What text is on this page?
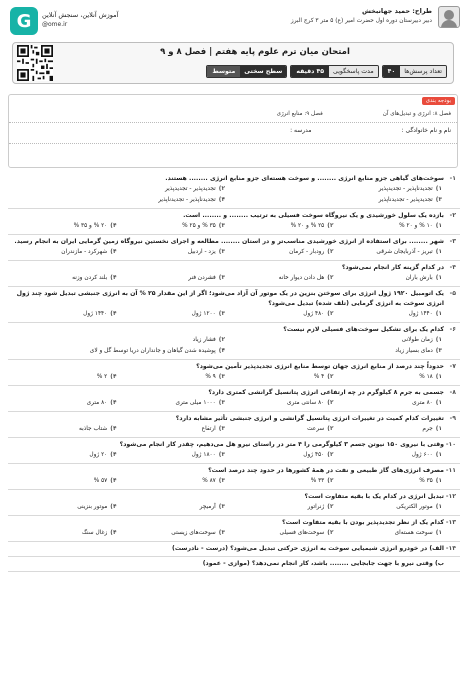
G آموزش آنلاین، سنجش آنلاین
@ome.ir
طراح: حمید جهانبخش
دبیر دبیرستان دوره اول حضرت امیر (ع) ۵ متر ۳ کرج البرز
امتحان میان ترم علوم پایه هفتم | فصل ۸ و ۹
تعداد پرسش‌ها
۴۰
مدت پاسخگویی
۴۵ دقیقه
سطح سختی
متوسط
بودجه بندی
فصل ۸: انرژی و تبدیل‌های آن
فصل ۹: منابع انرژی
نام و نام خانوادگی :
مدرسه :
۱-
سوخت‌های گیاهی جزو منابع انرژی ........ و سوخت هسته‌ای جزو منابع انرژی ........ هستند.
۱)
تجدیدناپذیر - تجدیدپذیر
۲)
تجدیدپذیر - تجدیدپذیر
۳)
تجدیدپذیر - تجدیدناپذیر
۴)
تجدیدناپذیر - تجدیدناپذیر
۲-
بازده یک سلول خورشیدی و یک نیروگاه سوخت فسیلی به ترتیب ........ و ........ است.
۱)
۱۰ % و ۲۰ %
۲)
۲۵ % و ۲۰ %
۳)
۳۵ % و ۲۵ %
۴)
۲۰ % و ۳۵ %
۳-
شهر ........ برای استفاده از انرژی خورشیدی مناسب‌تر و در استان ........ مطالعه و اجرای نخستین نیروگاه زمین گرمایی ایران به انجام رسید.
۱)
تبریز - آذربایجان شرقی
۲)
رودبار - کرمان
۳)
یزد - اردبیل
۴)
شهرکرد - مازندران
۴-
در کدام گزینه کار انجام نمی‌شود؟
۱)
بارش باران
۲)
هل دادن دیوار خانه
۳)
فشردن فنر
۴)
بلند کردن وزنه
۵-
یک اتومبیل ۱۹۲۰ ژول انرژی برای سوختن بنزین در یک موتور آن آزاد می‌شود؛ اگر از این مقدار ۲۵ % آن به انرژی جنبشی تبدیل شود چند ژول انرژی سوخت به انرژی گرمایی (تلف شده) تبدیل می‌شود؟
۱)
۱۴۴۰ ژول
۲)
۴۸۰ ژول
۳)
۱۲۰۰ ژول
۴)
۱۴۴۰ ژول
۶-
کدام یک برای تشکیل سوخت‌های فسیلی لازم نیست؟
۱)
زمان طولانی
۲)
فشار زیاد
۳)
دمای بسیار زیاد
۴)
پوشیده شدن گیاهان و جانداران دریا توسط گل و لای
۷-
حدوداً چند درصد از منابع انرژی جهان توسط منابع انرژی تجدیدپذیر تأمین می‌شود؟
۱)
۱۸ %
۲)
۴ %
۳)
۹ %
۴)
۲ %
۸-
جسمی به جرم ۸ کیلوگرم در چه ارتفاعی انرژی پتانسیل گرانشی کمتری دارد؟
۱)
۸۰ متری
۲)
۸۰ سانتی متری
۳)
۱۰۰۰ میلی متری
۴)
۸۰ متری
۹-
تغییرات کدام کمیت در تغییرات انرژی پتانسیل گرانشی و انرژی جنبشی تأثیر مشابه دارد؟
۱)
جرم
۲)
سرعت
۳)
ارتفاع
۴)
شتاب جاذبه
۱۰-
وقتی با نیروی ۱۵۰ نیوتن جسم ۳ کیلوگرمی را ۴ متر در راستای نیرو هل می‌دهیم، چقدر کار انجام می‌شود؟
۱)
۶۰۰ ژول
۲)
۴۵۰ ژول
۳)
۱۸۰۰ ژول
۴)
۲۰ ژول
۱۱-
مصرف انرژی‌های گاز طبیعی و نفت در همهٔ کشورها در حدود چند درصد است؟
۱)
۳۵ %
۲)
۳۳ %
۳)
۸۷ %
۴)
۵۷ %
۱۲-
تبدیل انرژی در کدام یک با بقیه متفاوت است؟
۱)
موتور الکتریکی
۲)
ژنراتور
۳)
آرمیچر
۴)
موتور بنزینی
۱۳-
کدام یک از نظر تجدیدپذیر بودن با بقیه متفاوت است؟
۱)
سوخت هسته‌ای
۲)
سوخت‌های فسیلی
۳)
سوخت‌های زیستی
۴)
زغال سنگ
۱۴-
الف) در خودرو انرژی شیمیایی سوخت به انرژی حرکتی تبدیل می‌شود؟ (درست - نادرست)
ب) وقتی نیرو با جهت جابجایی ........ باشد، کار انجام نمی‌دهد؟ (موازی - عمود)
